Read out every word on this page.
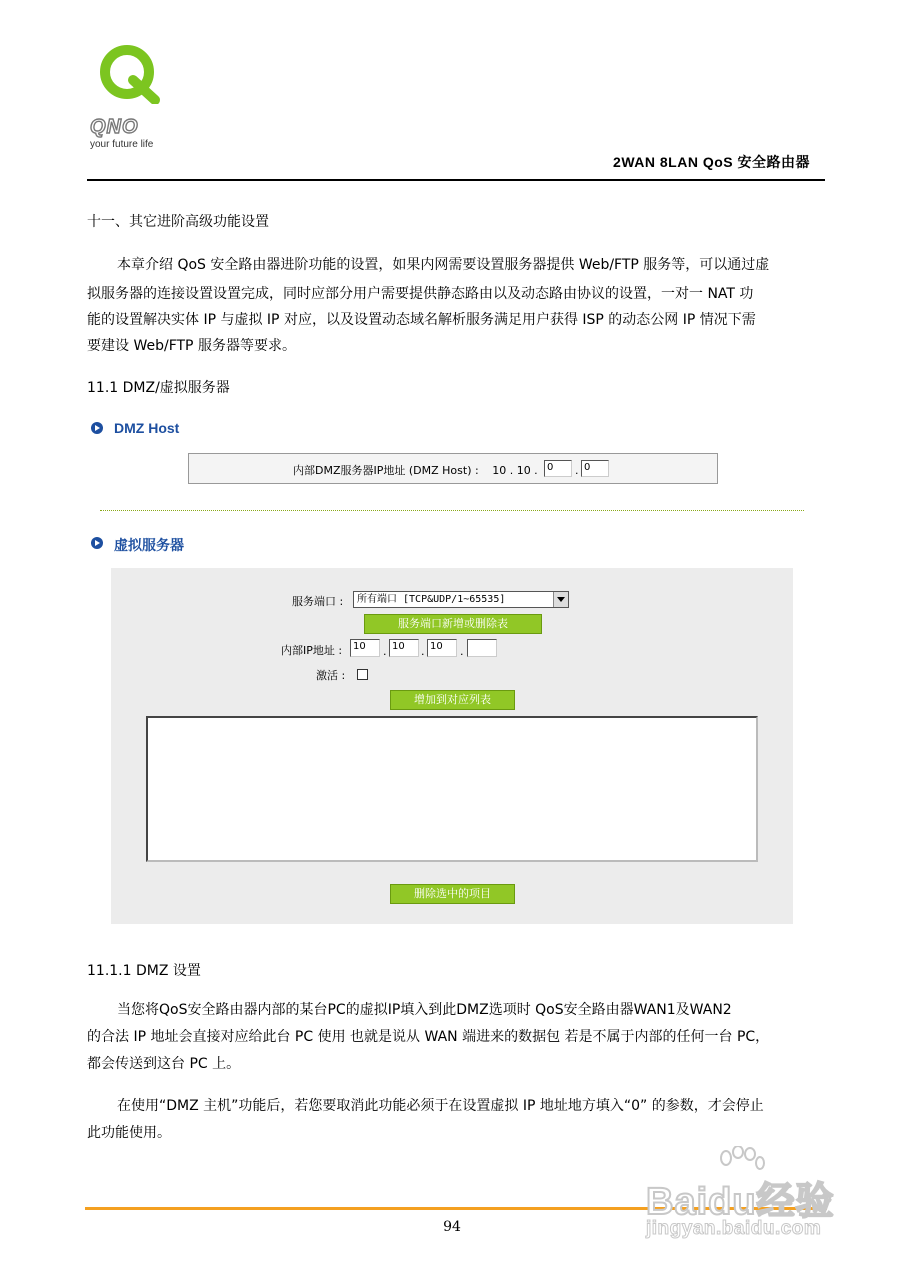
QNO
your future life
2WAN 8LAN QoS 安全路由器
十一、其它进阶高级功能设置
本章介绍 QoS 安全路由器进阶功能的设置，如果内网需要设置服务器提供 Web/FTP 服务等，可以通过虚
拟服务器的连接设置设置完成，同时应部分用户需要提供静态路由以及动态路由协议的设置，一对一 NAT 功
能的设置解决实体 IP 与虚拟 IP 对应，以及设置动态域名解析服务满足用户获得 ISP 的动态公网 IP 情况下需
要建设 Web/FTP 服务器等要求。
11.1 DMZ/虚拟服务器
DMZ Host
内部DMZ服务器IP地址 (DMZ Host) : 10 . 10 . 0	. 0
虚拟服务器
服务端口 :	所有端口 [TCP&UDP/1~65535]
服务端口新增或删除表
内部IP地址 :	10	. 10	. 10	.
激活 :
增加到对应列表
删除选中的项目
11.1.1 DMZ 设置
当您将QoS安全路由器内部的某台PC的虚拟IP填入到此DMZ选项时 QoS安全路由器WAN1及WAN2
的合法 IP 地址会直接对应给此台 PC 使用 也就是说从 WAN 端进来的数据包 若是不属于内部的任何一台 PC，
都会传送到这台 PC 上。
在使用“DMZ 主机”功能后，若您要取消此功能必须于在设置虚拟 IP 地址地方填入“0” 的参数，才会停止
此功能使用。
94
Baidu经验
jingyan.baidu.com
